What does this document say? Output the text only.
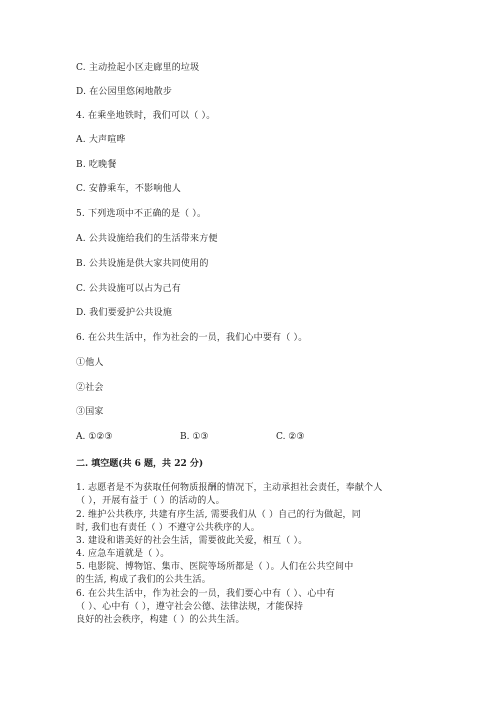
C. 主动捡起小区走廊里的垃圾
D. 在公园里悠闲地散步
4. 在乘坐地铁时，我们可以（ ）。
A. 大声喧哗
B. 吃晚餐
C. 安静乘车，不影响他人
5. 下列选项中不正确的是（ ）。
A. 公共设施给我们的生活带来方便
B. 公共设施是供大家共同使用的
C. 公共设施可以占为己有
D. 我们要爱护公共设施
6. 在公共生活中，作为社会的一员，我们心中要有（ ）。
①他人
②社会
③国家
A. ①②③	B. ①③	C. ②③
二. 填空题(共 6 题，共 22 分)
1. 志愿者是不为获取任何物质报酬的情况下，主动承担社会责任，奉献个人
（ ），开展有益于（ ）的活动的人。
2. 维护公共秩序, 共建有序生活, 需要我们从（ ）自己的行为做起，同
时, 我们也有责任（ ）不遵守公共秩序的人。
3. 建设和谐美好的社会生活，需要彼此关爱，相互（ ）。
4. 应急车道就是（ ）。
5. 电影院、博物馆、集市、医院等场所都是（ ）。人们在公共空间中
的生活, 构成了我们的公共生活。
6. 在公共生活中，作为社会的一员，我们要心中有（ ）、心中有
（ ）、心中有（ ），遵守社会公德、法律法规，才能保持
良好的社会秩序，构建（ ）的公共生活。
